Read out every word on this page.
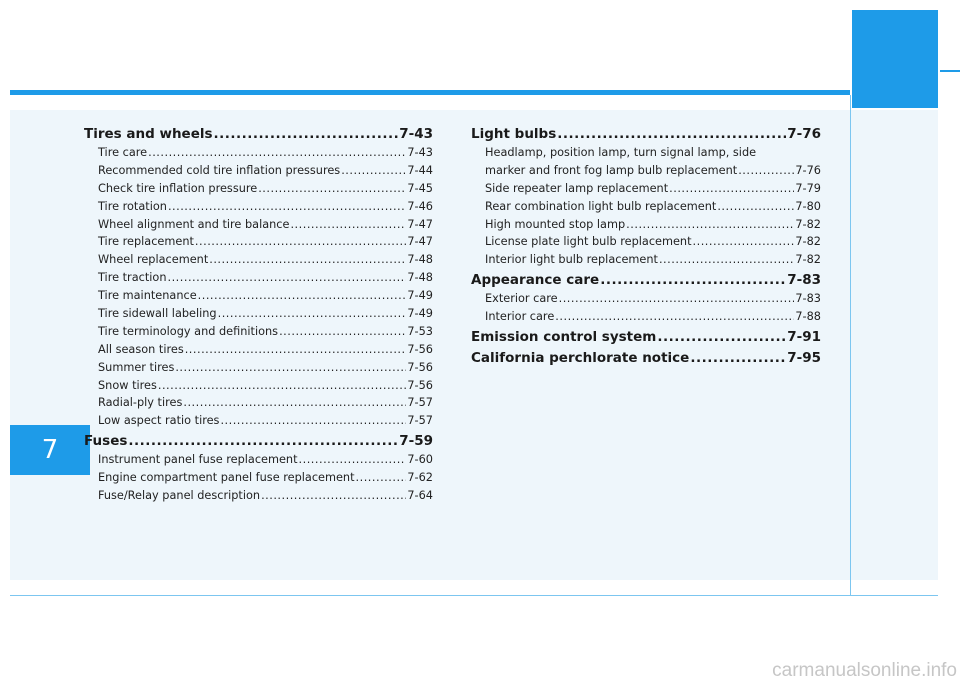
7
Tires and wheels .....	7-43
Tire care .....	7-43
Recommended cold tire inflation pressures .....	7-44
Check tire inflation pressure .....	7-45
Tire rotation .....	7-46
Wheel alignment and tire balance .....	7-47
Tire replacement .....	7-47
Wheel replacement .....	7-48
Tire traction .....	7-48
Tire maintenance .....	7-49
Tire sidewall labeling .....	7-49
Tire terminology and definitions .....	7-53
All season tires .....	7-56
Summer tires .....	7-56
Snow tires .....	7-56
Radial-ply tires .....	7-57
Low aspect ratio tires .....	7-57
Fuses .....	7-59
Instrument panel fuse replacement .....	7-60
Engine compartment panel fuse replacement .....	7-62
Fuse/Relay panel description .....	7-64
Light bulbs .....	7-76
Headlamp, position lamp, turn signal lamp, side
marker and front fog lamp bulb replacement .....	7-76
Side repeater lamp replacement .....	7-79
Rear combination light bulb replacement .....	7-80
High mounted stop lamp .....	7-82
License plate light bulb replacement .....	7-82
Interior light bulb replacement .....	7-82
Appearance care .....	7-83
Exterior care .....	7-83
Interior care .....	7-88
Emission control system .....	7-91
California perchlorate notice .....	7-95
carmanualsonline.info
